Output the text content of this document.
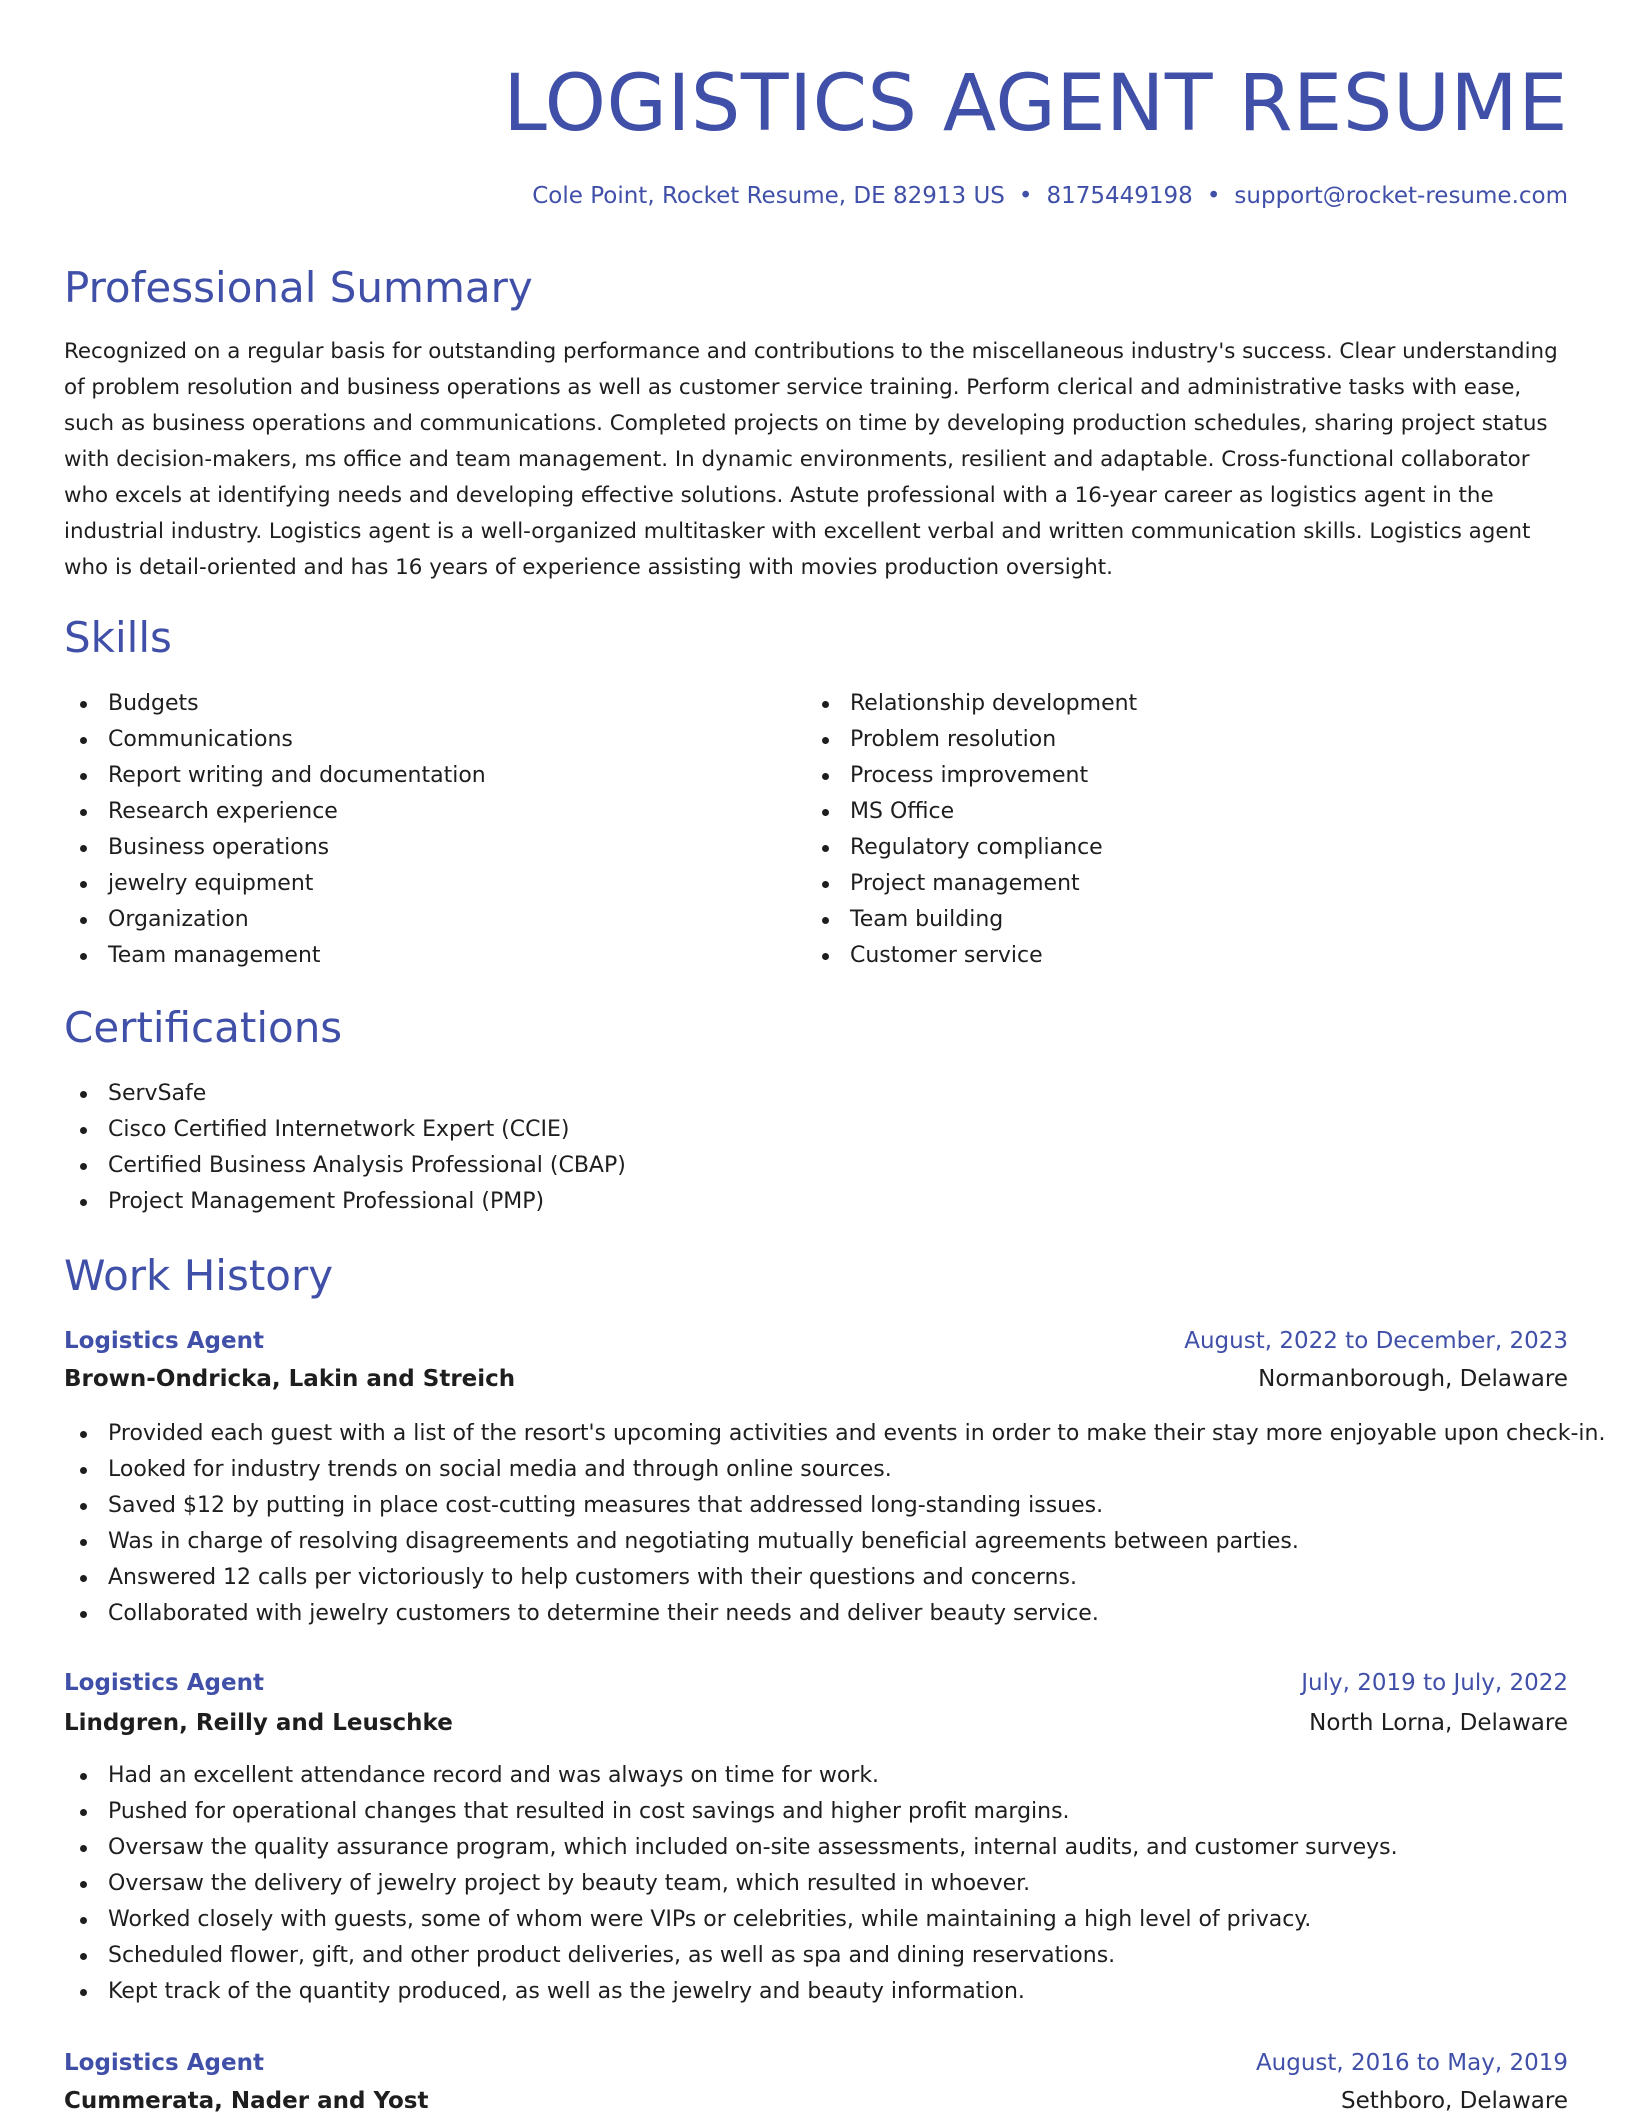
LOGISTICS AGENT RESUME
Cole Point, Rocket Resume, DE 82913 US • 8175449198 • support@rocket-resume.com
Professional Summary

Recognized on a regular basis for outstanding performance and contributions to the miscellaneous industry's success. Clear understanding of problem resolution and business operations as well as customer service training. Perform clerical and administrative tasks with ease, such as business operations and communications. Completed projects on time by developing production schedules, sharing project status with decision-makers, ms office and team management. In dynamic environments, resilient and adaptable. Cross-functional collaborator who excels at identifying needs and developing effective solutions. Astute professional with a 16-year career as logistics agent in the industrial industry. Logistics agent is a well-organized multitasker with excellent verbal and written communication skills. Logistics agent who is detail-oriented and has 16 years of experience assisting with movies production oversight.

Skills
Budgets
Communications
Report writing and documentation
Research experience
Business operations
jewelry equipment
Organization
Team management
Relationship development
Problem resolution
Process improvement
MS Office
Regulatory compliance
Project management
Team building
Customer service
Certifications
ServSafe
Cisco Certified Internetwork Expert (CCIE)
Certified Business Analysis Professional (CBAP)
Project Management Professional (PMP)
Work History
Logistics Agent	August, 2022 to December, 2023
Brown-Ondricka, Lakin and Streich	Normanborough, Delaware
Provided each guest with a list of the resort's upcoming activities and events in order to make their stay more enjoyable upon check-in.
Looked for industry trends on social media and through online sources.
Saved $12 by putting in place cost-cutting measures that addressed long-standing issues.
Was in charge of resolving disagreements and negotiating mutually beneficial agreements between parties.
Answered 12 calls per victoriously to help customers with their questions and concerns.
Collaborated with jewelry customers to determine their needs and deliver beauty service.
Logistics Agent	July, 2019 to July, 2022
Lindgren, Reilly and Leuschke	North Lorna, Delaware
Had an excellent attendance record and was always on time for work.
Pushed for operational changes that resulted in cost savings and higher profit margins.
Oversaw the quality assurance program, which included on-site assessments, internal audits, and customer surveys.
Oversaw the delivery of jewelry project by beauty team, which resulted in whoever.
Worked closely with guests, some of whom were VIPs or celebrities, while maintaining a high level of privacy.
Scheduled flower, gift, and other product deliveries, as well as spa and dining reservations.
Kept track of the quantity produced, as well as the jewelry and beauty information.
Logistics Agent	August, 2016 to May, 2019
Cummerata, Nader and Yost	Sethboro, Delaware
